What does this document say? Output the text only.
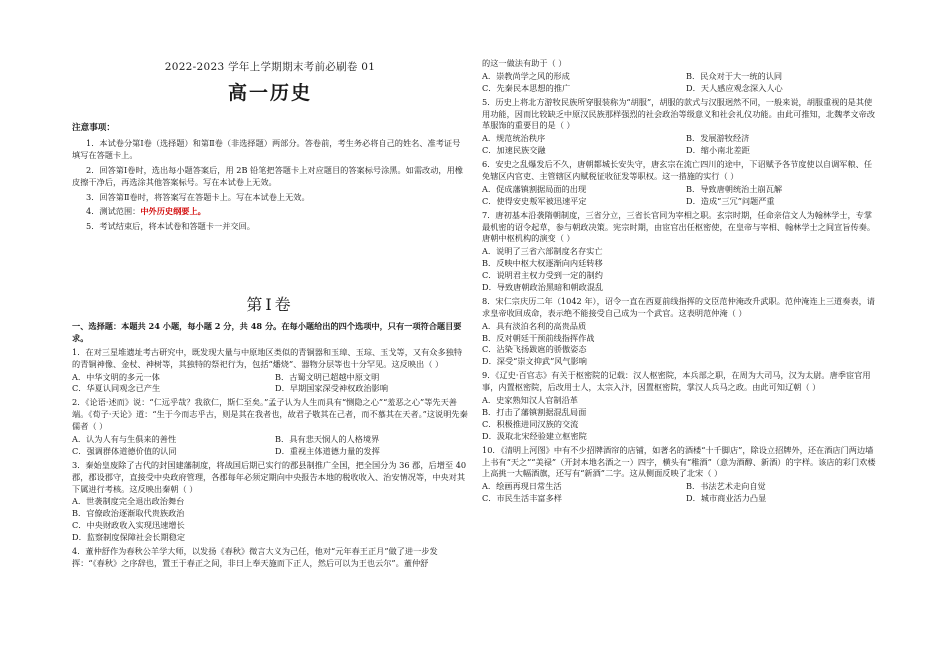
2022-2023 学年上学期期末考前必刷卷 01
高一历史
注意事项：

1．本试卷分第Ⅰ卷（选择题）和第Ⅱ卷（非选择题）两部分。答卷前，考生务必将自己的姓名、准考证号填写在答题卡上。

2．回答第Ⅰ卷时，选出每小题答案后，用 2B 铅笔把答题卡上对应题目的答案标号涂黑。如需改动，用橡皮擦干净后，再选涂其他答案标号。写在本试卷上无效。

3．回答第Ⅱ卷时，将答案写在答题卡上。写在本试卷上无效。

4．测试范围：中外历史纲要上。

5．考试结束后，将本试卷和答题卡一并交回。

第Ⅰ卷

一、选择题：本题共 24 小题，每小题 2 分，共 48 分。在每小题给出的四个选项中，只有一项符合题目要求。

1．在对三星堆遗址考古研究中，既发现大量与中原地区类似的青铜器和玉璋、玉琮、玉戈等，又有众多独特的青铜神像、金杖、神树等，其独特的祭祀行为，包括“燔烧”、器物分层等也十分罕见。这反映出（ ）

A．中华文明的多元一体	B．古蜀文明已超越中原文明
C．华夏认同观念已产生	D．早期国家深受神权政治影响

2．《论语·述而》说：“仁远乎哉？我欲仁，斯仁至矣。”孟子认为人生而具有“恻隐之心”“羞恶之心”等先天善端。《荀子·天论》道：“生于今而志乎古，则是其在我者也，故君子敬其在己者，而不慕其在天者。”这说明先秦儒者（ ）

A．认为人有与生俱来的善性	B．具有悲天悯人的人格境界
C．强调群体道德价值的认同	D．重视主体道德力量的发挥

3．秦始皇废除了古代的封国建藩制度，将战国后期已实行的郡县制推广全国，把全国分为 36 郡，后增至 40 郡，郡设郡守，直接受中央政府管理，各郡每年必须定期向中央报告本地的税收收入、治安情况等，中央对其下属进行考核。这反映出秦朝（ ）

A．世袭制度完全退出政治舞台
B．官僚政治逐渐取代贵族政治
C．中央财政收入实现迅速增长
D．监察制度保障社会长期稳定

4．董仲舒作为春秋公羊学大师，以发扬《春秋》微言大义为己任，他对“元年春王正月”做了进一步发挥：“《春秋》之序辞也，置王于春正之间，非曰上奉天施而下正人，然后可以为王也云尔”。董仲舒

的这一做法有助于（ ）

A．崇教尚学之风的形成	B．民众对于大一统的认同
C．先秦民本思想的推广	D．天人感应观念深入人心

5．历史上将北方游牧民族所穿服装称为“胡服”，胡服的款式与汉服迥然不同，一般来说，胡服重视的是其使用功能，因而比较缺乏中原汉民族那样强烈的社会政治等级意义和社会礼仪功能。由此可推知，北魏孝文帝改革服饰的重要目的是（ ）

A．规范统治秩序	B．发展游牧经济
C．加速民族交融	D．缩小南北差距

6．安史之乱爆发后不久，唐朝都城长安失守，唐玄宗在流亡四川的途中，下诏赋予各节度使以自调军粮、任免辖区内官吏、主管辖区内赋税征收征发等职权。这一措施的实行（ ）

A．促成藩镇割据局面的出现	B．导致唐朝统治土崩瓦解
C．使得安史叛军被迅速平定	D．造成“三冗”问题严重

7．唐初基本沿袭隋朝制度，三省分立，三省长官同为宰相之职。玄宗时期，任命亲信文人为翰林学士，专掌最机密的诏令起草，参与朝政决策。宪宗时期，由宦官出任枢密使，在皇帝与宰相、翰林学士之间宣旨传奏。唐朝中枢机构的演变（ ）

A．说明了三省六部制度名存实亡
B．反映中枢大权逐渐向内廷转移
C．说明君主权力受到一定的制约
D．导致唐朝政治黑暗和朝政混乱

8．宋仁宗庆历二年（1042 年），诏令一直在西夏前线指挥的文臣范仲淹改升武职。范仲淹连上三道奏表，请求皇帝收回成命，表示绝不能接受自己成为一个武官。这表明范仲淹（ ）

A．具有淡泊名利的高贵品质
B．反对朝廷干预前线指挥作战
C．沾染飞扬跋扈的骄傲姿态
D．深受“崇文抑武”风气影响

9．《辽史·百官志》有关于枢密院的记载：汉人枢密院，本兵部之职，在周为大司马，汉为太尉。唐季宦官用事，内置枢密院，后改用士人，太宗入汴，因置枢密院，掌汉人兵马之政。由此可知辽朝（ ）

A．史家熟知汉人官制沿革
B．打击了藩镇割据混乱局面
C．积极推进同汉族的交流
D．汲取北宋经验建立枢密院

10．《清明上河图》中有不少招牌酒帘的店铺，如著名的酒楼“十千脚店”，除设立招牌外，还在酒店门两边墙上书有“天之”“美禄”（开封本地名酒之一）四字，横头有“稚酒”（意为酒醇、新酒）的字样。该店的彩门欢楼上高挑一大幅酒旗，还写有“新酒”二字。这从侧面反映了北宋（ ）

A．绘画再现日常生活	B．书法艺术走向自觉
C．市民生活丰富多样	D．城市商业活力凸显
